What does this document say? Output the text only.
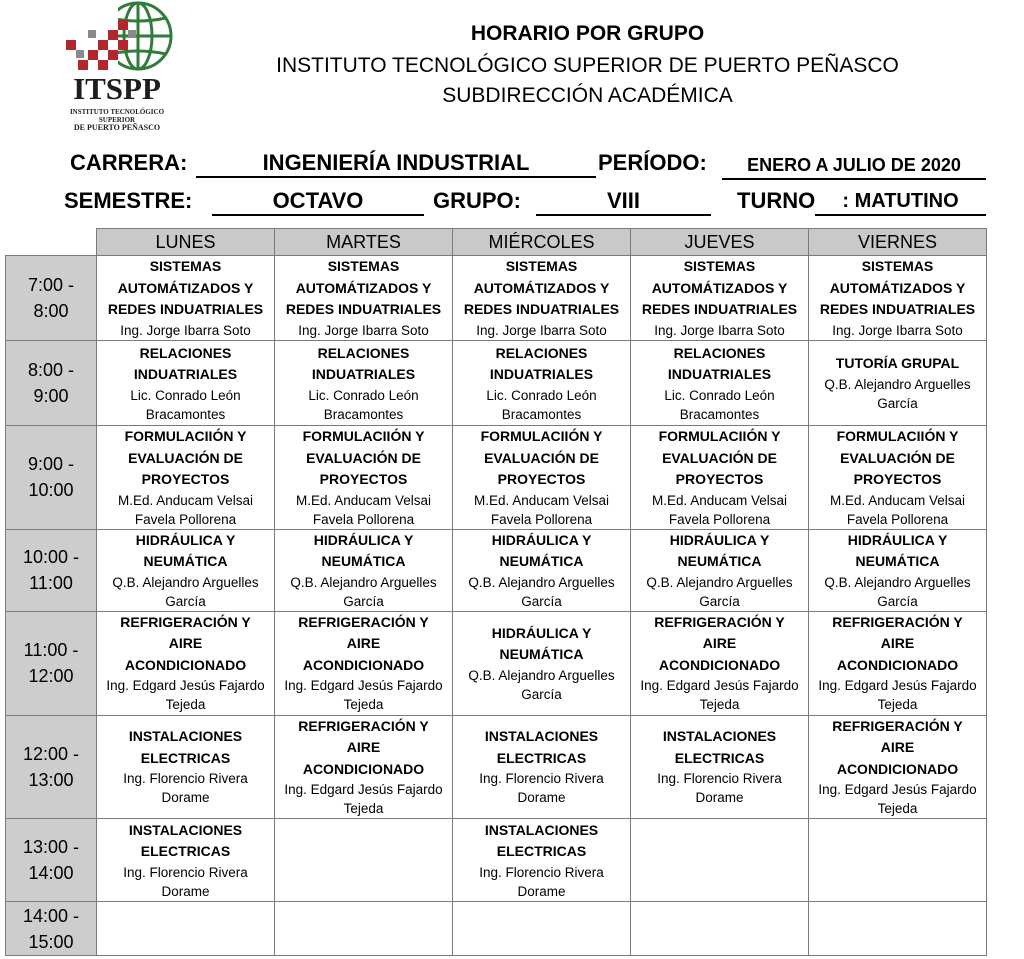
ITSPP
INSTITUTO TECNOLÓGICO SUPERIOR
DE PUERTO PEÑASCO
HORARIO POR GRUPO
INSTITUTO TECNOLÓGICO SUPERIOR DE PUERTO PEÑASCO
SUBDIRECCIÓN ACADÉMICA
CARRERA:	INGENIERÍA INDUSTRIAL	PERÍODO:	ENERO A JULIO DE 2020
SEMESTRE:	OCTAVO	GRUPO:	VIII	TURNO	: MATUTINO
	LUNES	MARTES	MIÉRCOLES	JUEVES	VIERNES

7:00 -
8:00	SISTEMAS
AUTOMÁTIZADOS Y
REDES INDUATRIALES
Ing. Jorge Ibarra Soto	SISTEMAS
AUTOMÁTIZADOS Y
REDES INDUATRIALES
Ing. Jorge Ibarra Soto	SISTEMAS
AUTOMÁTIZADOS Y
REDES INDUATRIALES
Ing. Jorge Ibarra Soto	SISTEMAS
AUTOMÁTIZADOS Y
REDES INDUATRIALES
Ing. Jorge Ibarra Soto	SISTEMAS
AUTOMÁTIZADOS Y
REDES INDUATRIALES
Ing. Jorge Ibarra Soto

8:00 -
9:00	RELACIONES
INDUATRIALES
Lic. Conrado León
Bracamontes	RELACIONES
INDUATRIALES
Lic. Conrado León
Bracamontes	RELACIONES
INDUATRIALES
Lic. Conrado León
Bracamontes	RELACIONES
INDUATRIALES
Lic. Conrado León
Bracamontes	TUTORÍA GRUPAL
Q.B. Alejandro Arguelles
García

9:00 -
10:00	FORMULACIIÓN Y
EVALUACIÓN DE
PROYECTOS
M.Ed. Anducam Velsai
Favela Pollorena	FORMULACIIÓN Y
EVALUACIÓN DE
PROYECTOS
M.Ed. Anducam Velsai
Favela Pollorena	FORMULACIIÓN Y
EVALUACIÓN DE
PROYECTOS
M.Ed. Anducam Velsai
Favela Pollorena	FORMULACIIÓN Y
EVALUACIÓN DE
PROYECTOS
M.Ed. Anducam Velsai
Favela Pollorena	FORMULACIIÓN Y
EVALUACIÓN DE
PROYECTOS
M.Ed. Anducam Velsai
Favela Pollorena

10:00 -
11:00	HIDRÁULICA Y
NEUMÁTICA
Q.B. Alejandro Arguelles
García	HIDRÁULICA Y
NEUMÁTICA
Q.B. Alejandro Arguelles
García	HIDRÁULICA Y
NEUMÁTICA
Q.B. Alejandro Arguelles
García	HIDRÁULICA Y
NEUMÁTICA
Q.B. Alejandro Arguelles
García	HIDRÁULICA Y
NEUMÁTICA
Q.B. Alejandro Arguelles
García

11:00 -
12:00	REFRIGERACIÓN Y
AIRE
ACONDICIONADO
Ing. Edgard Jesús Fajardo
Tejeda	REFRIGERACIÓN Y
AIRE
ACONDICIONADO
Ing. Edgard Jesús Fajardo
Tejeda	HIDRÁULICA Y
NEUMÁTICA
Q.B. Alejandro Arguelles
García	REFRIGERACIÓN Y
AIRE
ACONDICIONADO
Ing. Edgard Jesús Fajardo
Tejeda	REFRIGERACIÓN Y
AIRE
ACONDICIONADO
Ing. Edgard Jesús Fajardo
Tejeda

12:00 -
13:00	INSTALACIONES
ELECTRICAS
Ing. Florencio Rivera
Dorame	REFRIGERACIÓN Y
AIRE
ACONDICIONADO
Ing. Edgard Jesús Fajardo
Tejeda	INSTALACIONES
ELECTRICAS
Ing. Florencio Rivera
Dorame	INSTALACIONES
ELECTRICAS
Ing. Florencio Rivera
Dorame	REFRIGERACIÓN Y
AIRE
ACONDICIONADO
Ing. Edgard Jesús Fajardo
Tejeda

13:00 -
14:00	INSTALACIONES
ELECTRICAS
Ing. Florencio Rivera
Dorame		INSTALACIONES
ELECTRICAS
Ing. Florencio Rivera
Dorame		

14:00 -
15:00					
